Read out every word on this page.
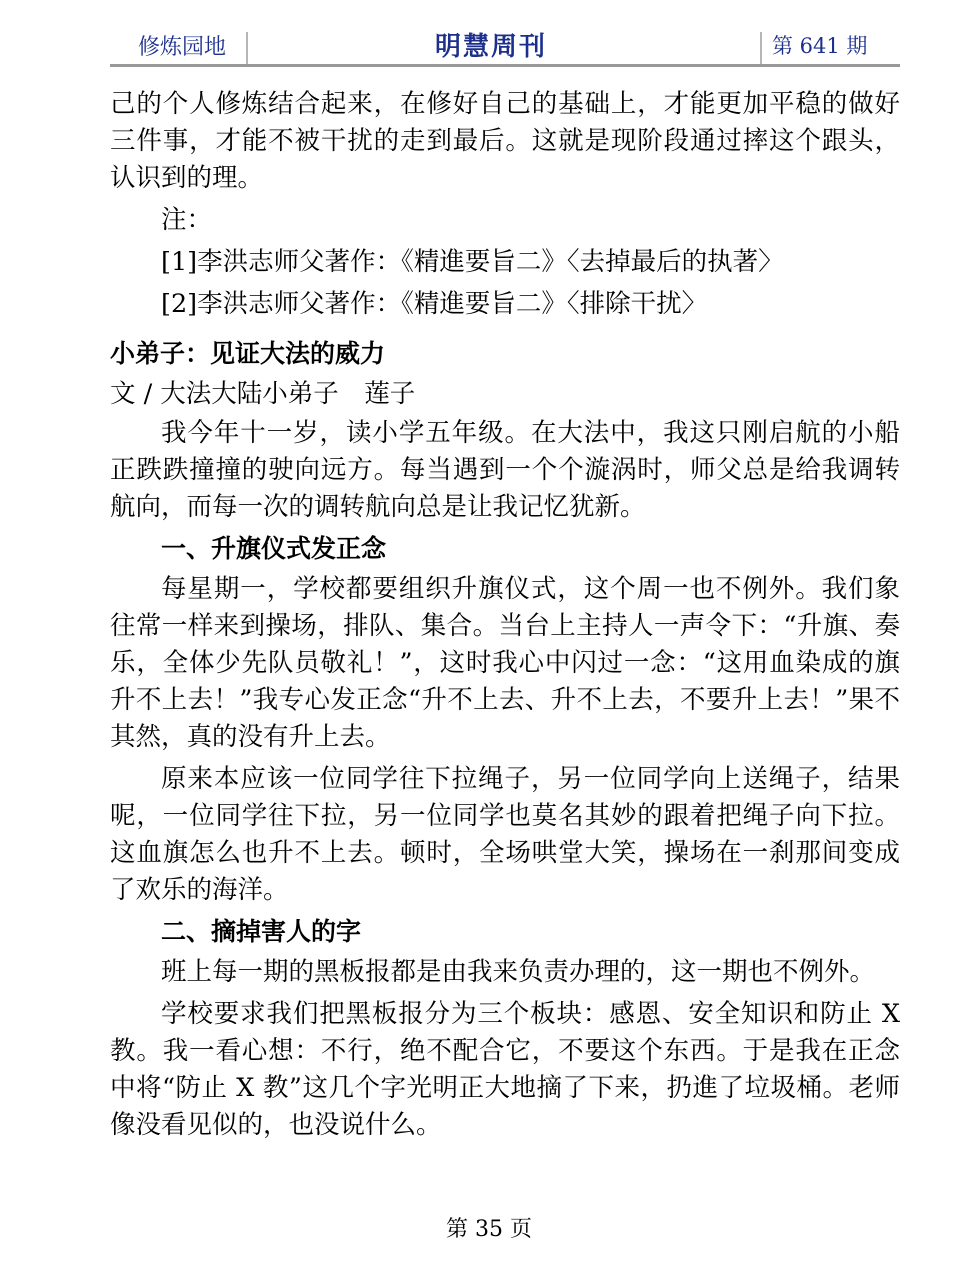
修炼园地	明慧周刊	第 641 期

己的个人修炼结合起来，在修好自己的基础上，才能更加平稳的做好三件事，才能不被干扰的走到最后。这就是现阶段通过摔这个跟头，认识到的理。

注：

[1]李洪志师父著作：《精進要旨二》〈去掉最后的执著〉

[2]李洪志师父著作：《精進要旨二》〈排除干扰〉

小弟子：见证大法的威力

文 / 大法大陆小弟子　莲子

我今年十一岁，读小学五年级。在大法中，我这只刚启航的小船正跌跌撞撞的驶向远方。每当遇到一个个漩涡时，师父总是给我调转航向，而每一次的调转航向总是让我记忆犹新。

一、升旗仪式发正念

每星期一，学校都要组织升旗仪式，这个周一也不例外。我们象往常一样来到操场，排队、集合。当台上主持人一声令下：“升旗、奏乐，全体少先队员敬礼！”，这时我心中闪过一念：“这用血染成的旗升不上去！”我专心发正念“升不上去、升不上去，不要升上去！”果不其然，真的没有升上去。

原来本应该一位同学往下拉绳子，另一位同学向上送绳子，结果呢，一位同学往下拉，另一位同学也莫名其妙的跟着把绳子向下拉。这血旗怎么也升不上去。顿时，全场哄堂大笑，操场在一刹那间变成了欢乐的海洋。

二、摘掉害人的字

班上每一期的黑板报都是由我来负责办理的，这一期也不例外。

学校要求我们把黑板报分为三个板块：感恩、安全知识和防止 X 教。我一看心想：不行，绝不配合它，不要这个东西。于是我在正念中将“防止 X 教”这几个字光明正大地摘了下来，扔進了垃圾桶。老师像没看见似的，也没说什么。

第 35 页
